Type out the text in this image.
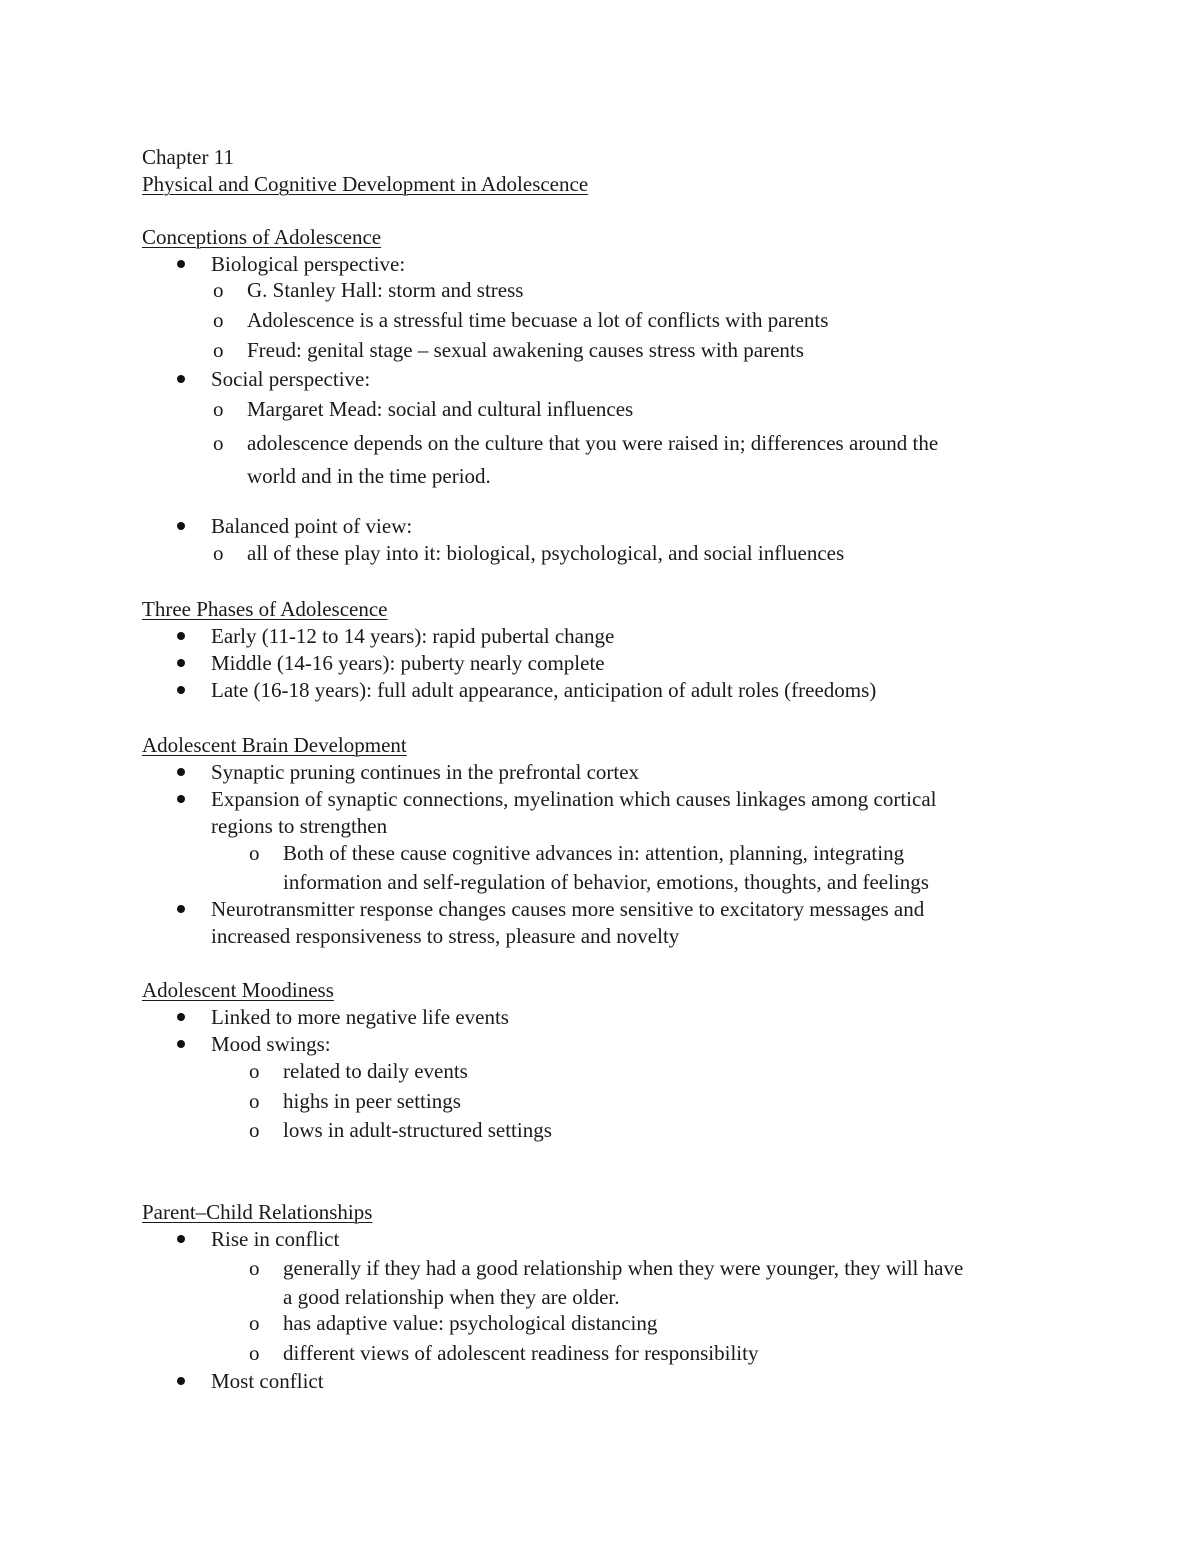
Chapter 11
Physical and Cognitive Development in Adolescence
Conceptions of Adolescence
Biological perspective:
o G. Stanley Hall: storm and stress
o Adolescence is a stressful time becuase a lot of conflicts with parents
o Freud: genital stage – sexual awakening causes stress with parents
Social perspective:
o Margaret Mead: social and cultural influences
o adolescence depends on the culture that you were raised in; differences around the
world and in the time period.
Balanced point of view:
o all of these play into it: biological, psychological, and social influences
Three Phases of Adolescence
Early (11-12 to 14 years): rapid pubertal change
Middle (14-16 years): puberty nearly complete
Late (16-18 years): full adult appearance, anticipation of adult roles (freedoms)
Adolescent Brain Development
Synaptic pruning continues in the prefrontal cortex
Expansion of synaptic connections, myelination which causes linkages among cortical
regions to strengthen
o Both of these cause cognitive advances in: attention, planning, integrating
information and self-regulation of behavior, emotions, thoughts, and feelings
Neurotransmitter response changes causes more sensitive to excitatory messages and
increased responsiveness to stress, pleasure and novelty
Adolescent Moodiness
Linked to more negative life events
Mood swings:
o related to daily events
o highs in peer settings
o lows in adult-structured settings
Parent–Child Relationships
Rise in conflict
o generally if they had a good relationship when they were younger, they will have
a good relationship when they are older.
o has adaptive value: psychological distancing
o different views of adolescent readiness for responsibility
Most conflict
